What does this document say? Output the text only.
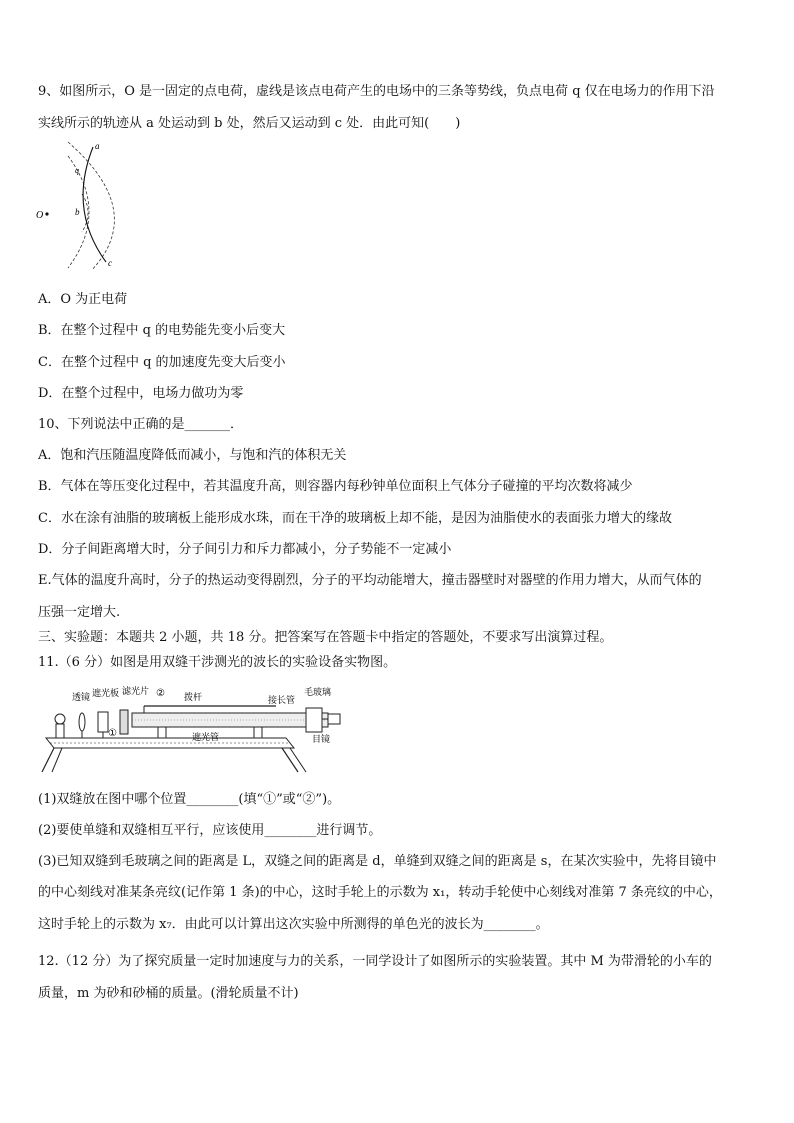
9、如图所示，O 是一固定的点电荷，虚线是该点电荷产生的电场中的三条等势线，负点电荷 q 仅在电场力的作用下沿
实线所示的轨迹从 a 处运动到 b 处，然后又运动到 c 处．由此可知(　　)
O
a
q
b
c
A．O 为正电荷
B．在整个过程中 q 的电势能先变小后变大
C．在整个过程中 q 的加速度先变大后变小
D．在整个过程中，电场力做功为零
10、下列说法中正确的是_______．
A．饱和汽压随温度降低而减小，与饱和汽的体积无关
B．气体在等压变化过程中，若其温度升高，则容器内每秒钟单位面积上气体分子碰撞的平均次数将减少
C．水在涂有油脂的玻璃板上能形成水珠，而在干净的玻璃板上却不能，是因为油脂使水的表面张力增大的缘故
D．分子间距离增大时，分子间引力和斥力都减小，分子势能不一定减小
E.气体的温度升高时，分子的热运动变得剧烈，分子的平均动能增大，撞击器壁时对器壁的作用力增大，从而气体的
压强一定增大.
三、实验题：本题共 2 小题，共 18 分。把答案写在答题卡中指定的答题处，不要求写出演算过程。
11.（6 分）如图是用双缝干涉测光的波长的实验设备实物图。
透镜 遮光板 滤光片 ② 拨杆	接长管
毛玻璃
①	遮光管	目镜
(1)双缝放在图中哪个位置________(填“①”或“②”)。
(2)要使单缝和双缝相互平行，应该使用________进行调节。
(3)已知双缝到毛玻璃之间的距离是 L，双缝之间的距离是 d，单缝到双缝之间的距离是 s，在某次实验中，先将目镜中
的中心刻线对准某条亮纹(记作第 1 条)的中心，这时手轮上的示数为 x₁，转动手轮使中心刻线对准第 7 条亮纹的中心，
这时手轮上的示数为 x₇．由此可以计算出这次实验中所测得的单色光的波长为________。
12.（12 分）为了探究质量一定时加速度与力的关系，一同学设计了如图所示的实验装置。其中 M 为带滑轮的小车的
质量，m 为砂和砂桶的质量。(滑轮质量不计)
